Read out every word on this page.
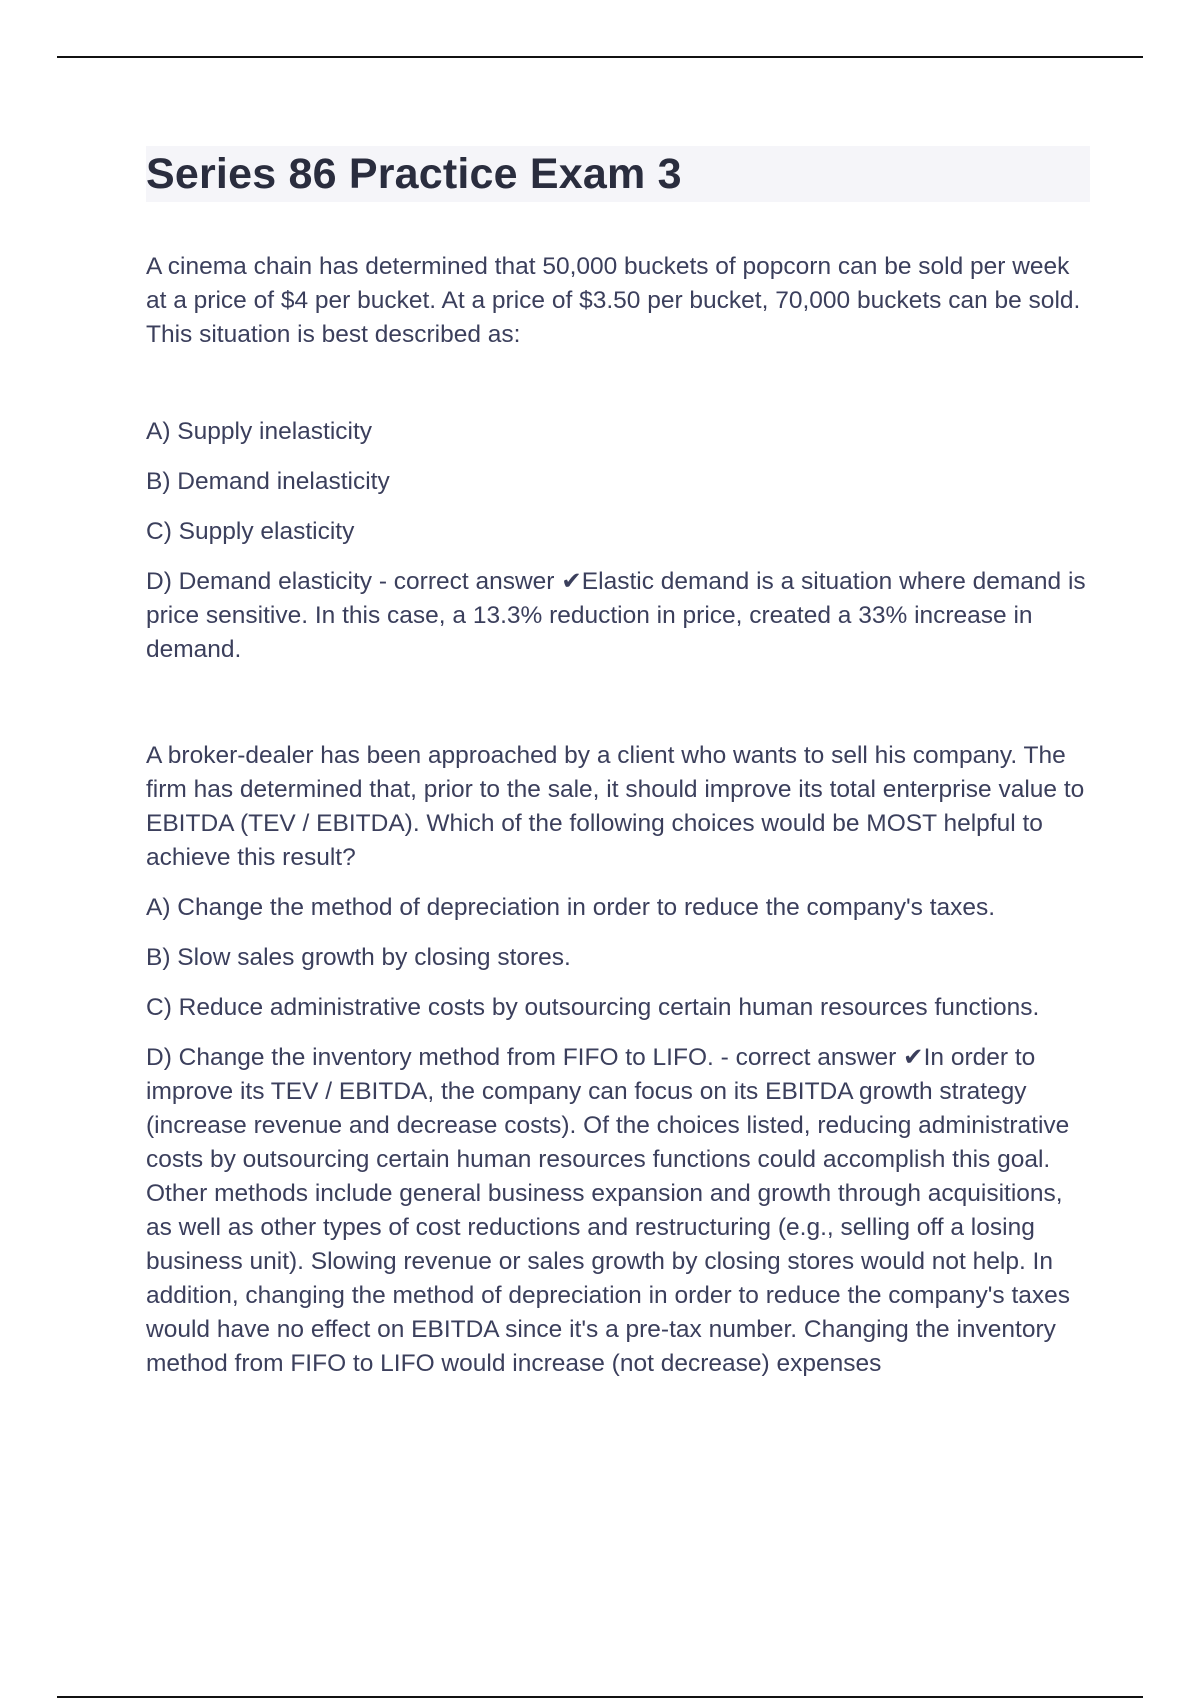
Series 86 Practice Exam 3

A cinema chain has determined that 50,000 buckets of popcorn can be sold per week at a price of $4 per bucket. At a price of $3.50 per bucket, 70,000 buckets can be sold. This situation is best described as:

A) Supply inelasticity

B) Demand inelasticity

C) Supply elasticity

D) Demand elasticity - correct answer ✔Elastic demand is a situation where demand is price sensitive. In this case, a 13.3% reduction in price, created a 33% increase in demand.

A broker-dealer has been approached by a client who wants to sell his company. The firm has determined that, prior to the sale, it should improve its total enterprise value to EBITDA (TEV / EBITDA). Which of the following choices would be MOST helpful to achieve this result?

A) Change the method of depreciation in order to reduce the company's taxes.

B) Slow sales growth by closing stores.

C) Reduce administrative costs by outsourcing certain human resources functions.

D) Change the inventory method from FIFO to LIFO. - correct answer ✔In order to improve its TEV / EBITDA, the company can focus on its EBITDA growth strategy (increase revenue and decrease costs). Of the choices listed, reducing administrative costs by outsourcing certain human resources functions could accomplish this goal. Other methods include general business expansion and growth through acquisitions, as well as other types of cost reductions and restructuring (e.g., selling off a losing business unit). Slowing revenue or sales growth by closing stores would not help. In addition, changing the method of depreciation in order to reduce the company's taxes would have no effect on EBITDA since it's a pre-tax number. Changing the inventory method from FIFO to LIFO would increase (not decrease) expenses
